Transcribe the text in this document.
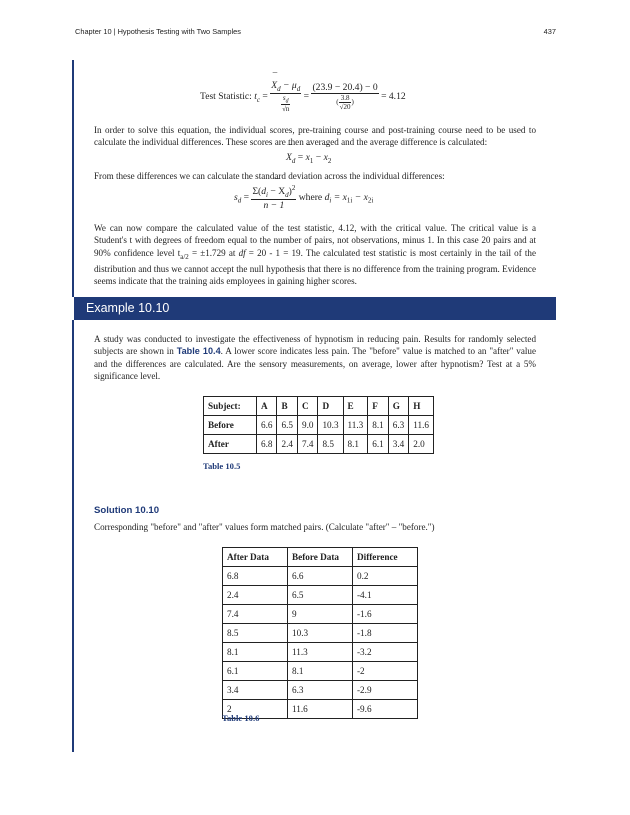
Chapter 10 | Hypothesis Testing with Two Samples	437
Test Statistic: $t_c$ =
¯ $X_d - \mu_d$
$s_d$

√n
= $\frac{(23.9 - 20.4) - 0}{( \frac{3.8}{√20} )} = 4.12$

In order to solve this equation, the individual scores, pre-training course and post-training course need to be used to calculate the individual differences. These scores are then averaged and the average difference is calculated:

¯ $X_d$ = ¯ $x_1$ − ¯ $x_2$

From these differences we can calculate the standard deviation across the individual differences:

$s_d = \frac{\Sigma(d_i¯ - X_d)^2}{n - 1}$ where $d_i = x_{1i} - x_{2i}$

We can now compare the calculated value of the test statistic, 4.12, with the critical value. The critical value is a Student's t with degrees of freedom equal to the number of pairs, not observations, minus 1. In this case 20 pairs and at 90% confidence level $t_{a/2} = \pm 1.729$ at df = 20 - 1 = 19. The calculated test statistic is most certainly in the tail of the distribution and thus we cannot accept the null hypothesis that there is no difference from the training program. Evidence seems indicate that the training aids employees in gaining higher scores.

Example 10.10

A study was conducted to investigate the effectiveness of hypnotism in reducing pain. Results for randomly selected subjects are shown in Table 10.4. A lower score indicates less pain. The "before" value is matched to an "after" value and the differences are calculated. Are the sensory measurements, on average, lower after hypnotism? Test at a 5% significance level.

Subject:	A	B	C	D	E	F	G	H
Before	6.6	6.5	9.0	10.3	11.3	8.1	6.3	11.6
After	6.8	2.4	7.4	8.5	8.1	6.1	3.4	2.0
Table 10.5
Solution 10.10

Corresponding "before" and "after" values form matched pairs. (Calculate "after" – "before.")

After Data	Before Data	Difference
6.8	6.6	0.2
2.4	6.5	-4.1
7.4	9	-1.6
8.5	10.3	-1.8
8.1	11.3	-3.2
6.1	8.1	-2
3.4	6.3	-2.9
2	11.6	-9.6
Table 10.6
